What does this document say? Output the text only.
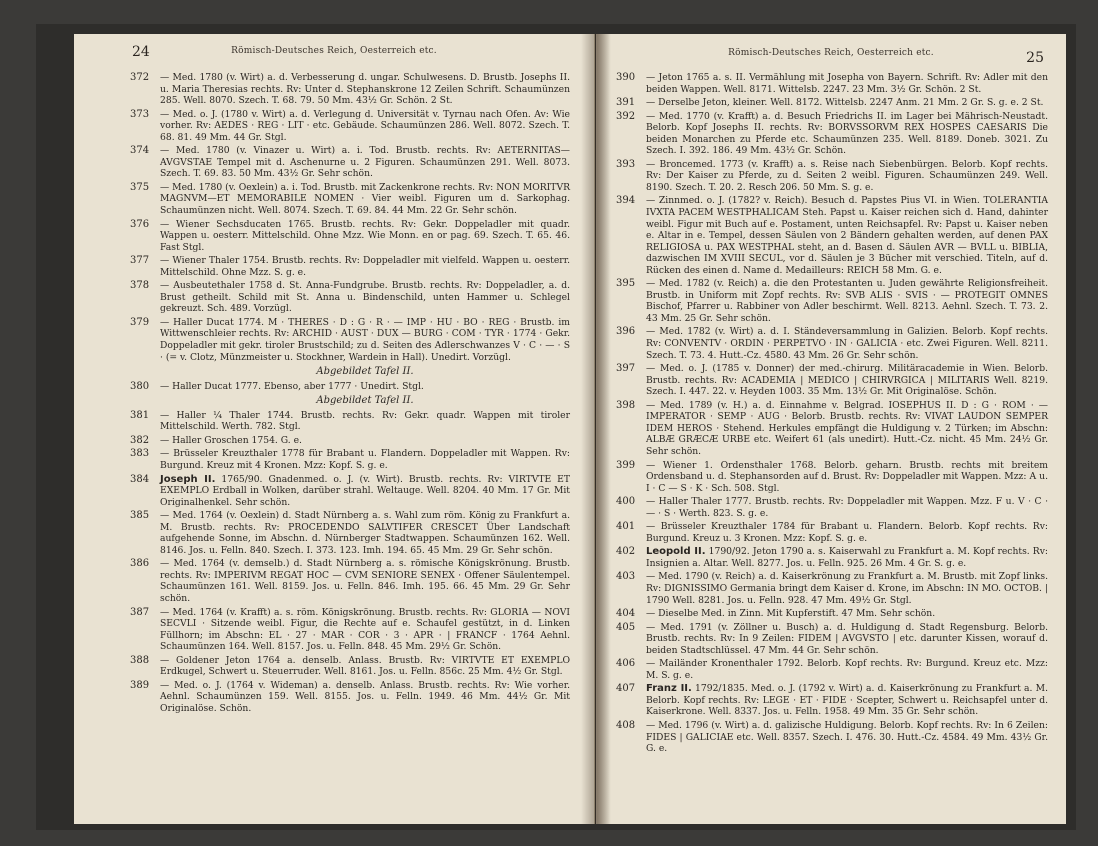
24	Römisch-Deutsches Reich, Oesterreich etc.
372	— Med. 1780 (v. Wirt) a. d. Verbesserung d. ungar. Schulwesens. D. Brustb. Josephs II. u. Maria Theresias rechts. Rv: Unter d. Stephanskrone 12 Zeilen Schrift. Schaumünzen 285. Well. 8070. Szech. T. 68. 79. 50 Mm. 43½ Gr. Schön. 2 St.
373	— Med. o. J. (1780 v. Wirt) a. d. Verlegung d. Universität v. Tyrnau nach Ofen. Av: Wie vorher. Rv: AEDES · REG · LIT · etc. Gebäude. Schaumünzen 286. Well. 8072. Szech. T. 68. 81. 49 Mm. 44 Gr. Stgl.
374	— Med. 1780 (v. Vinazer u. Wirt) a. i. Tod. Brustb. rechts. Rv: AETERNITAS— AVGVSTAE Tempel mit d. Aschenurne u. 2 Figuren. Schaumünzen 291. Well. 8073. Szech. T. 69. 83. 50 Mm. 43½ Gr. Sehr schön.
375	— Med. 1780 (v. Oexlein) a. i. Tod. Brustb. mit Zackenkrone rechts. Rv: NON MORITVR MAGNVM—ET MEMORABILE NOMEN · Vier weibl. Figuren um d. Sarkophag. Schaumünzen nicht. Well. 8074. Szech. T. 69. 84. 44 Mm. 22 Gr. Sehr schön.
376	— Wiener Sechsducaten 1765. Brustb. rechts. Rv: Gekr. Doppeladler mit quadr. Wappen u. oesterr. Mittelschild. Ohne Mzz. Wie Monn. en or pag. 69. Szech. T. 65. 46. Fast Stgl.
377	— Wiener Thaler 1754. Brustb. rechts. Rv: Doppeladler mit vielfeld. Wappen u. oesterr. Mittelschild. Ohne Mzz. S. g. e.
378	— Ausbeutethaler 1758 d. St. Anna-Fundgrube. Brustb. rechts. Rv: Doppeladler, a. d. Brust getheilt. Schild mit St. Anna u. Bindenschild, unten Hammer u. Schlegel gekreuzt. Sch. 489. Vorzügl.
379	— Haller Ducat 1774. M · THERES · D : G · R · — IMP · HU · BO · REG · Brustb. im Wittwenschleier rechts. Rv: ARCHID · AUST · DUX — BURG · COM · TYR · 1774 · Gekr. Doppeladler mit gekr. tiroler Brustschild; zu d. Seiten des Adlerschwanzes V · C · — · S · (= v. Clotz, Münzmeister u. Stockhner, Wardein in Hall). Unedirt. Vorzügl.
Abgebildet Tafel II.
380	— Haller Ducat 1777. Ebenso, aber 1777 · Unedirt. Stgl.
Abgebildet Tafel II.
381	— Haller ¼ Thaler 1744. Brustb. rechts. Rv: Gekr. quadr. Wappen mit tiroler Mittelschild. Werth. 782. Stgl.
382	— Haller Groschen 1754. G. e.
383	— Brüsseler Kreuzthaler 1778 für Brabant u. Flandern. Doppeladler mit Wappen. Rv: Burgund. Kreuz mit 4 Kronen. Mzz: Kopf. S. g. e.
384	Joseph II. 1765/90. Gnadenmed. o. J. (v. Wirt). Brustb. rechts. Rv: VIRTVTE ET EXEMPLO Erdball in Wolken, darüber strahl. Weltauge. Well. 8204. 40 Mm. 17 Gr. Mit Originalhenkel. Sehr schön.
385	— Med. 1764 (v. Oexlein) d. Stadt Nürnberg a. s. Wahl zum röm. König zu Frankfurt a. M. Brustb. rechts. Rv: PROCEDENDO SALVTIFER CRESCET Über Landschaft aufgehende Sonne, im Abschn. d. Nürnberger Stadtwappen. Schaumünzen 162. Well. 8146. Jos. u. Felln. 840. Szech. I. 373. 123. Imh. 194. 65. 45 Mm. 29 Gr. Sehr schön.
386	— Med. 1764 (v. demselb.) d. Stadt Nürnberg a. s. römische Königskrönung. Brustb. rechts. Rv: IMPERIVM REGAT HOC — CVM SENIORE SENEX · Offener Säulentempel. Schaumünzen 161. Well. 8159. Jos. u. Felln. 846. Imh. 195. 66. 45 Mm. 29 Gr. Sehr schön.
387	— Med. 1764 (v. Krafft) a. s. röm. Königskrönung. Brustb. rechts. Rv: GLORIA — NOVI SECVLI · Sitzende weibl. Figur, die Rechte auf e. Schaufel gestützt, in d. Linken Füllhorn; im Abschn: EL · 27 · MAR · COR · 3 · APR · | FRANCF · 1764 Aehnl. Schaumünzen 164. Well. 8157. Jos. u. Felln. 848. 45 Mm. 29½ Gr. Schön.
388	— Goldener Jeton 1764 a. denselb. Anlass. Brustb. Rv: VIRTVTE ET EXEMPLO Erdkugel, Schwert u. Steuerruder. Well. 8161. Jos. u. Felln. 856c. 25 Mm. 4½ Gr. Stgl.
389	— Med. o. J. (1764 v. Wideman) a. denselb. Anlass. Brustb. rechts. Rv: Wie vorher. Aehnl. Schaumünzen 159. Well. 8155. Jos. u. Felln. 1949. 46 Mm. 44½ Gr. Mit Originalöse. Schön.
Römisch-Deutsches Reich, Oesterreich etc.	25
390	— Jeton 1765 a. s. II. Vermählung mit Josepha von Bayern. Schrift. Rv: Adler mit den beiden Wappen. Well. 8171. Wittelsb. 2247. 23 Mm. 3½ Gr. Schön. 2 St.
391	— Derselbe Jeton, kleiner. Well. 8172. Wittelsb. 2247 Anm. 21 Mm. 2 Gr. S. g. e. 2 St.
392	— Med. 1770 (v. Krafft) a. d. Besuch Friedrichs II. im Lager bei Mährisch-Neustadt. Belorb. Kopf Josephs II. rechts. Rv: BORVSSORVM REX HOSPES CAESARIS Die beiden Monarchen zu Pferde etc. Schaumünzen 235. Well. 8189. Doneb. 3021. Zu Szech. I. 392. 186. 49 Mm. 43½ Gr. Schön.
393	— Broncemed. 1773 (v. Krafft) a. s. Reise nach Siebenbürgen. Belorb. Kopf rechts. Rv: Der Kaiser zu Pferde, zu d. Seiten 2 weibl. Figuren. Schaumünzen 249. Well. 8190. Szech. T. 20. 2. Resch 206. 50 Mm. S. g. e.
394	— Zinnmed. o. J. (1782? v. Reich). Besuch d. Papstes Pius VI. in Wien. TOLERANTIA IVXTA PACEM WESTPHALICAM Steh. Papst u. Kaiser reichen sich d. Hand, dahinter weibl. Figur mit Buch auf e. Postament, unten Reichsapfel. Rv: Papst u. Kaiser neben e. Altar in e. Tempel, dessen Säulen von 2 Bändern gehalten werden, auf denen PAX RELIGIOSA u. PAX WESTPHAL steht, an d. Basen d. Säulen AVR — BVLL u. BIBLIA, dazwischen IM XVIII SECUL, vor d. Säulen je 3 Bücher mit verschied. Titeln, auf d. Rücken des einen d. Name d. Medailleurs: REICH 58 Mm. G. e.
395	— Med. 1782 (v. Reich) a. die den Protestanten u. Juden gewährte Religionsfreiheit. Brustb. in Uniform mit Zopf rechts. Rv: SVB ALIS · SVIS · — PROTEGIT OMNES Bischof, Pfarrer u. Rabbiner von Adler beschirmt. Well. 8213. Aehnl. Szech. T. 73. 2. 43 Mm. 25 Gr. Sehr schön.
396	— Med. 1782 (v. Wirt) a. d. I. Ständeversammlung in Galizien. Belorb. Kopf rechts. Rv: CONVENTV · ORDIN · PERPETVO · IN · GALICIA · etc. Zwei Figuren. Well. 8211. Szech. T. 73. 4. Hutt.-Cz. 4580. 43 Mm. 26 Gr. Sehr schön.
397	— Med. o. J. (1785 v. Donner) der med.-chirurg. Militäracademie in Wien. Belorb. Brustb. rechts. Rv: ACADEMIA | MEDICO | CHIRVRGICA | MILITARIS Well. 8219. Szech. I. 447. 22. v. Heyden 1003. 35 Mm. 13½ Gr. Mit Originalöse. Schön.
398	— Med. 1789 (v. H.) a. d. Einnahme v. Belgrad. IOSEPHUS II. D : G · ROM · — IMPERATOR · SEMP · AUG · Belorb. Brustb. rechts. Rv: VIVAT LAUDON SEMPER IDEM HEROS · Stehend. Herkules empfängt die Huldigung v. 2 Türken; im Abschn: ALBÆ GRÆCÆ URBE etc. Weifert 61 (als unedirt). Hutt.-Cz. nicht. 45 Mm. 24½ Gr. Sehr schön.
399	— Wiener 1. Ordensthaler 1768. Belorb. geharn. Brustb. rechts mit breitem Ordensband u. d. Stephansorden auf d. Brust. Rv: Doppeladler mit Wappen. Mzz: A u. I · C — S · K · Sch. 508. Stgl.
400	— Haller Thaler 1777. Brustb. rechts. Rv: Doppeladler mit Wappen. Mzz. F u. V · C · — · S · Werth. 823. S. g. e.
401	— Brüsseler Kreuzthaler 1784 für Brabant u. Flandern. Belorb. Kopf rechts. Rv: Burgund. Kreuz u. 3 Kronen. Mzz: Kopf. S. g. e.
402	Leopold II. 1790/92. Jeton 1790 a. s. Kaiserwahl zu Frankfurt a. M. Kopf rechts. Rv: Insignien a. Altar. Well. 8277. Jos. u. Felln. 925. 26 Mm. 4 Gr. S. g. e.
403	— Med. 1790 (v. Reich) a. d. Kaiserkrönung zu Frankfurt a. M. Brustb. mit Zopf links. Rv: DIGNISSIMO Germania bringt dem Kaiser d. Krone, im Abschn: IN MO. OCTOB. | 1790 Well. 8281. Jos. u. Felln. 928. 47 Mm. 49½ Gr. Stgl.
404	— Dieselbe Med. in Zinn. Mit Kupferstift. 47 Mm. Sehr schön.
405	— Med. 1791 (v. Zöllner u. Busch) a. d. Huldigung d. Stadt Regensburg. Belorb. Brustb. rechts. Rv: In 9 Zeilen: FIDEM | AVGVSTO | etc. darunter Kissen, worauf d. beiden Stadtschlüssel. 47 Mm. 44 Gr. Sehr schön.
406	— Mailänder Kronenthaler 1792. Belorb. Kopf rechts. Rv: Burgund. Kreuz etc. Mzz: M. S. g. e.
407	Franz II. 1792/1835. Med. o. J. (1792 v. Wirt) a. d. Kaiserkrönung zu Frankfurt a. M. Belorb. Kopf rechts. Rv: LEGE · ET · FIDE · Scepter, Schwert u. Reichsapfel unter d. Kaiserkrone. Well. 8337. Jos. u. Felln. 1958. 49 Mm. 35 Gr. Sehr schön.
408	— Med. 1796 (v. Wirt) a. d. galizische Huldigung. Belorb. Kopf rechts. Rv: In 6 Zeilen: FIDES | GALICIAE etc. Well. 8357. Szech. I. 476. 30. Hutt.-Cz. 4584. 49 Mm. 43½ Gr. G. e.
